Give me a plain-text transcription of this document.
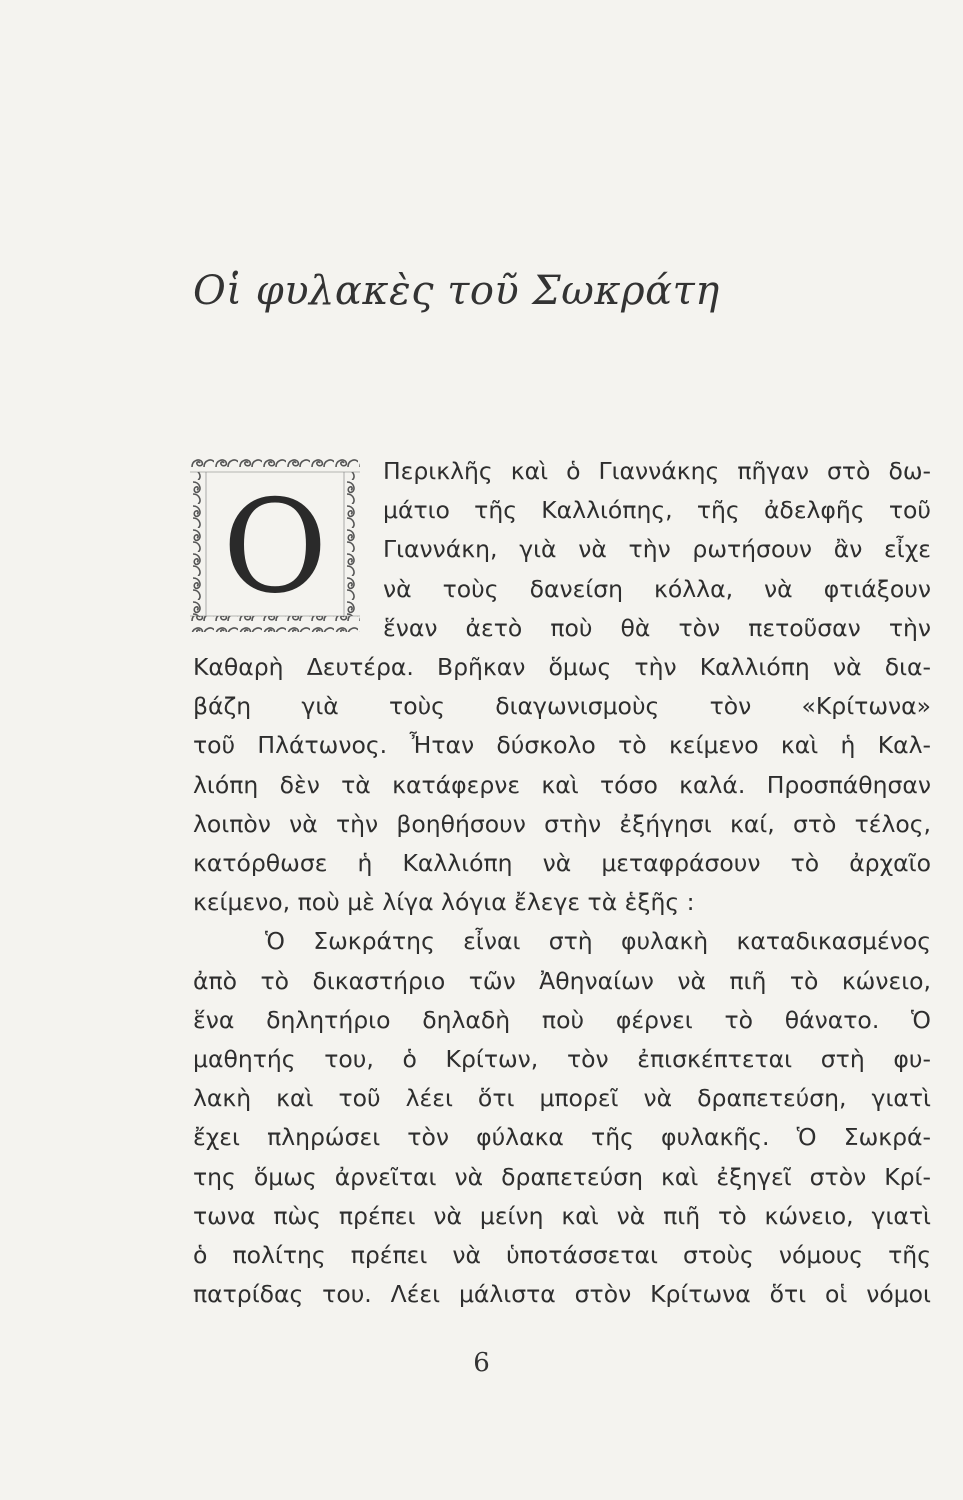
Οἱ φυλακὲς τοῦ Σωκράτη
Ο
Περικλῆς καὶ ὁ Γιαννάκης πῆγαν στὸ δω-
μάτιο τῆς Καλλιόπης, τῆς ἀδελφῆς τοῦ
Γιαννάκη, γιὰ νὰ τὴν ρωτήσουν ἂν εἶχε
νὰ τοὺς δανείση κόλλα, νὰ φτιάξουν
ἕναν ἀετὸ ποὺ θὰ τὸν πετοῦσαν τὴν
Καθαρὴ Δευτέρα. Βρῆκαν ὅμως τὴν Καλλιόπη νὰ δια-
βάζη γιὰ τοὺς διαγωνισμοὺς τὸν «Κρίτωνα»
τοῦ Πλάτωνος. Ἦταν δύσκολο τὸ κείμενο καὶ ἡ Καλ-
λιόπη δὲν τὰ κατάφερνε καὶ τόσο καλά. Προσπάθησαν
λοιπὸν νὰ τὴν βοηθήσουν στὴν ἐξήγησι καί, στὸ τέλος,
κατόρθωσε ἡ Καλλιόπη νὰ μεταφράσουν τὸ ἀρχαῖο
κείμενο, ποὺ μὲ λίγα λόγια ἔλεγε τὰ ἑξῆς :
Ὁ Σωκράτης εἶναι στὴ φυλακὴ καταδικασμένος
ἀπὸ τὸ δικαστήριο τῶν Ἀθηναίων νὰ πιῆ τὸ κώνειο,
ἕνα δηλητήριο δηλαδὴ ποὺ φέρνει τὸ θάνατο. Ὁ
μαθητής του, ὁ Κρίτων, τὸν ἐπισκέπτεται στὴ φυ-
λακὴ καὶ τοῦ λέει ὅτι μπορεῖ νὰ δραπετεύση, γιατὶ
ἔχει πληρώσει τὸν φύλακα τῆς φυλακῆς. Ὁ Σωκρά-
της ὅμως ἀρνεῖται νὰ δραπετεύση καὶ ἐξηγεῖ στὸν Κρί-
τωνα πὼς πρέπει νὰ μείνη καὶ νὰ πιῆ τὸ κώνειο, γιατὶ
ὁ πολίτης πρέπει νὰ ὑποτάσσεται στοὺς νόμους τῆς
πατρίδας του. Λέει μάλιστα στὸν Κρίτωνα ὅτι οἱ νόμοι
6
